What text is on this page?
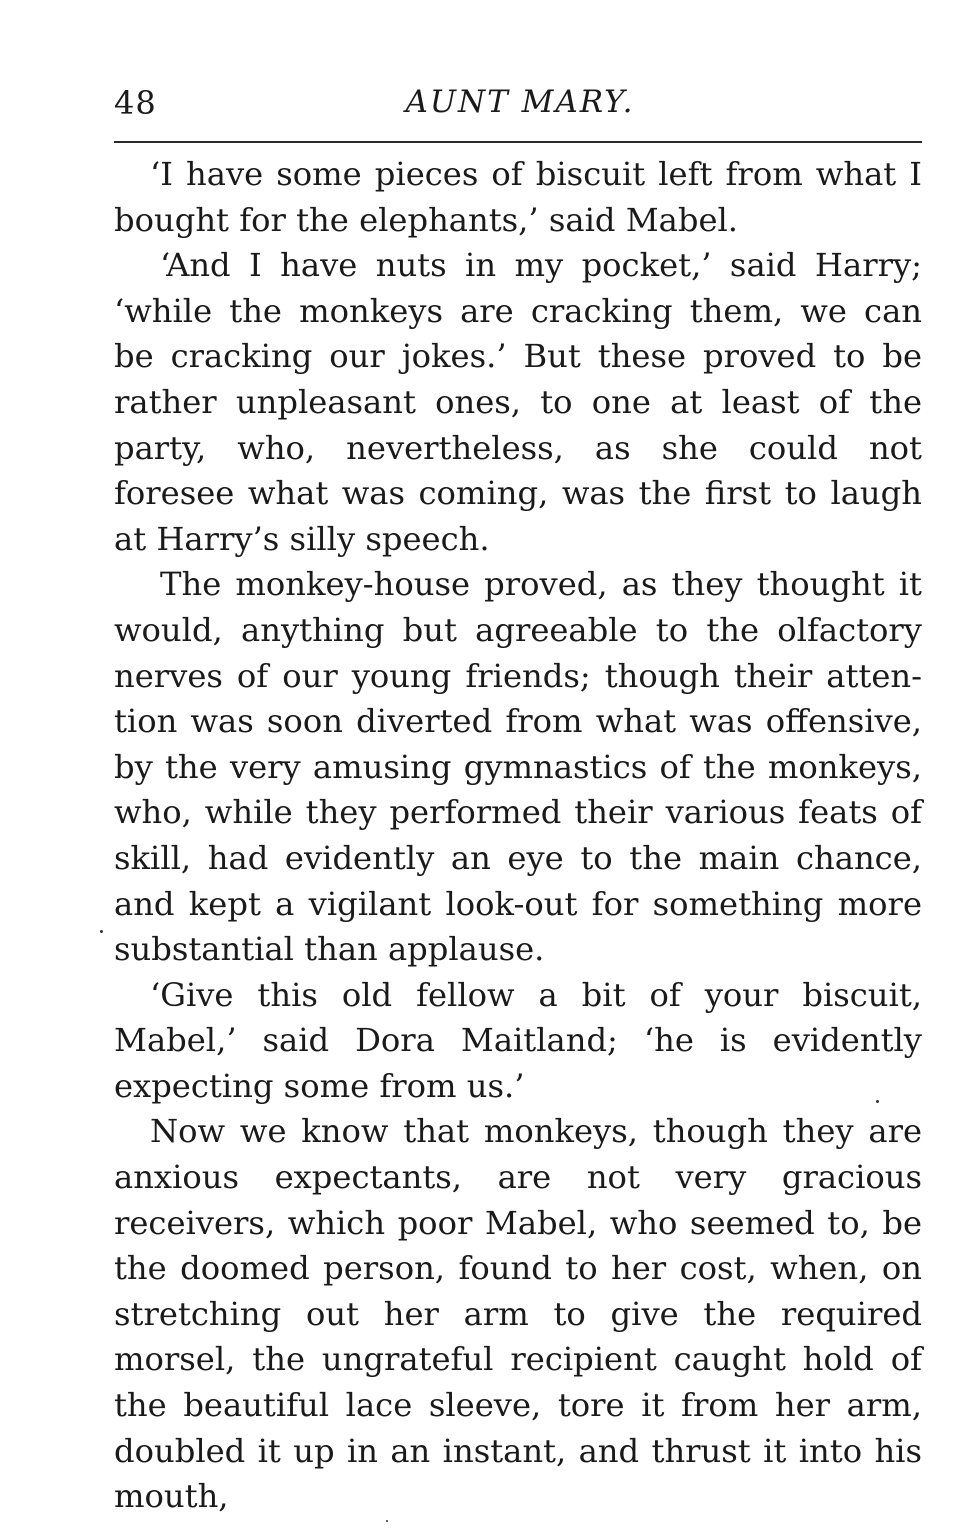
48	AUNT MARY.

‘I have some pieces of biscuit left from what I bought for the elephants,’ said Mabel.

‘And I have nuts in my pocket,’ said Harry; ‘while the monkeys are cracking them, we can be cracking our jokes.’ But these proved to be rather unpleasant ones, to one at least of the party, who, nevertheless, as she could not foresee what was coming, was the first to laugh at Harry’s silly speech.

The monkey-house proved, as they thought it would, anything but agreeable to the olfactory nerves of our young friends; though their attention was soon diverted from what was offensive, by the very amusing gymnastics of the monkeys, who, while they performed their various feats of skill, had evidently an eye to the main chance, and kept a vigilant look-out for something more substantial than applause.

‘Give this old fellow a bit of your biscuit, Mabel,’ said Dora Maitland; ‘he is evidently expecting some from us.’

Now we know that monkeys, though they are anxious expectants, are not very gracious receivers, which poor Mabel, who seemed to, be the doomed person, found to her cost, when, on stretching out her arm to give the required morsel, the ungrateful recipient caught hold of the beautiful lace sleeve, tore it from her arm, doubled it up in an instant, and thrust it into his mouth,
